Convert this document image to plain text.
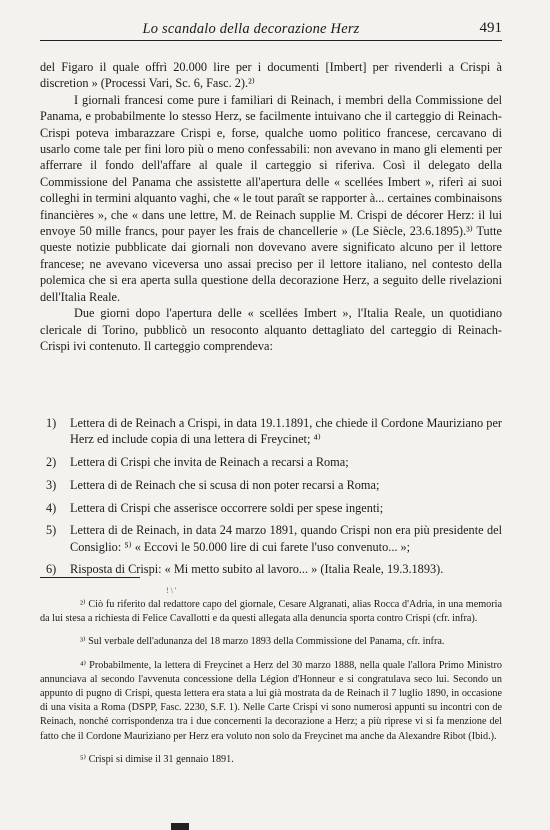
Lo scandalo della decorazione Herz	491

del Figaro il quale offrì 20.000 lire per i documenti [Imbert] per rivenderli a Crispi à discretion » (Processi Vari, Sc. 6, Fasc. 2).²⁾

I giornali francesi come pure i familiari di Reinach, i membri della Commissione del Panama, e probabilmente lo stesso Herz, se facilmente intuivano che il carteggio di Reinach-Crispi poteva imbarazzare Crispi e, forse, qualche uomo politico francese, cercavano di usarlo come tale per fini loro più o meno confessabili: non avevano in mano gli elementi per afferrare il fondo dell'affare al quale il carteggio si riferiva. Così il delegato della Commissione del Panama che assistette all'apertura delle « scellées Imbert », riferì ai suoi colleghi in termini alquanto vaghi, che « le tout paraît se rapporter à... certaines combinaisons financières », che « dans une lettre, M. de Reinach supplie M. Crispi de décorer Herz: il lui envoye 50 mille francs, pour payer les frais de chancellerie » (Le Siècle, 23.6.1895).³⁾ Tutte queste notizie pubblicate dai giornali non dovevano avere significato alcuno per il lettore francese; ne avevano viceversa uno assai preciso per il lettore italiano, nel contesto della polemica che si era aperta sulla questione della decorazione Herz, a seguito delle rivelazioni dell'Italia Reale.

Due giorni dopo l'apertura delle « scellées Imbert », l'Italia Reale, un quotidiano clericale di Torino, pubblicò un resoconto alquanto dettagliato del carteggio di Reinach-Crispi ivi contenuto. Il carteggio comprendeva:

1) Lettera di de Reinach a Crispi, in data 19.1.1891, che chiede il Cordone Mauriziano per Herz ed include copia di una lettera di Freycinet; ⁴⁾
2) Lettera di Crispi che invita de Reinach a recarsi a Roma;
3) Lettera di de Reinach che si scusa di non poter recarsi a Roma;
4) Lettera di Crispi che asserisce occorrere soldi per spese ingenti;
5) Lettera di de Reinach, in data 24 marzo 1891, quando Crispi non era più presidente del Consiglio: ⁵⁾ « Eccovi le 50.000 lire di cui farete l'uso convenuto... »;
6) Risposta di Crispi: « Mi metto subito al lavoro... » (Italia Reale, 19.3.1893).
! \ '

²⁾ Ciò fu riferito dal redattore capo del giornale, Cesare Algranati, alias Rocca d'Adria, in una memoria da lui stesa a richiesta di Felice Cavallotti e da questi allegata alla denuncia sporta contro Crispi (cfr. infra).

³⁾ Sul verbale dell'adunanza del 18 marzo 1893 della Commissione del Panama, cfr. infra.

⁴⁾ Probabilmente, la lettera di Freycinet a Herz del 30 marzo 1888, nella quale l'allora Primo Ministro annunciava al secondo l'avvenuta concessione della Légion d'Honneur e si congratulava seco lui. Secondo un appunto di pugno di Crispi, questa lettera era stata a lui già mostrata da de Reinach il 7 luglio 1890, in occasione di una visita a Roma (DSPP, Fasc. 2230, S.F. 1). Nelle Carte Crispi vi sono numerosi appunti su incontri con de Reinach, nonché corrispondenza tra i due concernenti la decorazione a Herz; a più riprese vi si fa menzione del fatto che il Cordone Mauriziano per Herz era voluto non solo da Freycinet ma anche da Alexandre Ribot (Ibid.).

⁵⁾ Crispi si dimise il 31 gennaio 1891.
